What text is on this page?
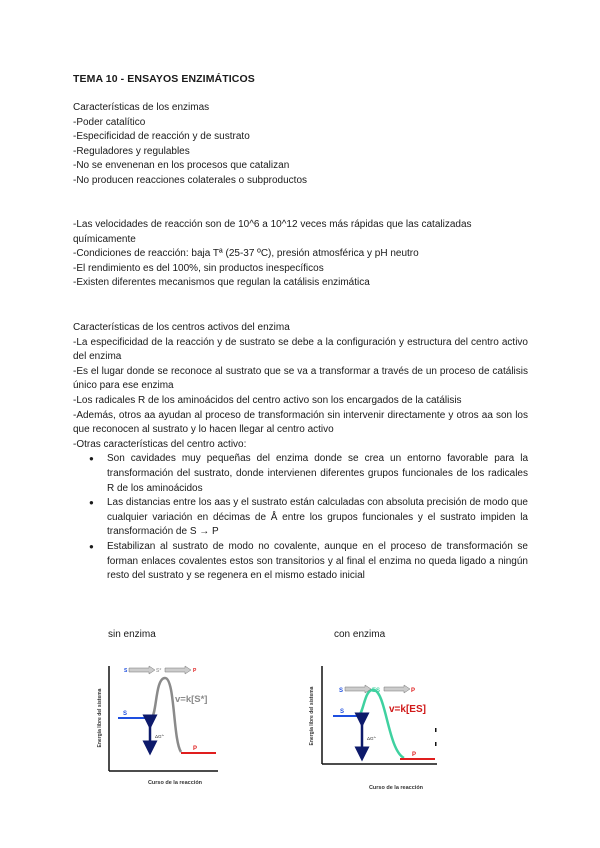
TEMA 10 - ENSAYOS ENZIMÁTICOS

Características de los enzimas

-Poder catalítico

-Especificidad de reacción y de sustrato

-Reguladores y regulables

-No se envenenan en los procesos que catalizan

-No producen reacciones colaterales o subproductos

-Las velocidades de reacción son de 10^6 a 10^12 veces más rápidas que las catalizadas químicamente

-Condiciones de reacción: baja Tª (25-37 ºC), presión atmosférica y pH neutro

-El rendimiento es del 100%, sin productos inespecíficos

-Existen diferentes mecanismos que regulan la catálisis enzimática

Características de los centros activos del enzima

-La especificidad de la reacción y de sustrato se debe a la configuración y estructura del centro activo del enzima

-Es el lugar donde se reconoce al sustrato que se va a transformar a través de un proceso de catálisis único para ese enzima

-Los radicales R de los aminoácidos del centro activo son los encargados de la catálisis

-Además, otros aa ayudan al proceso de transformación sin intervenir directamente y otros aa son los que reconocen al sustrato y lo hacen llegar al centro activo

-Otras características del centro activo:

● Son cavidades muy pequeñas del enzima donde se crea un entorno favorable para la transformación del sustrato, donde intervienen diferentes grupos funcionales de los radicales R de los aminoácidos
● Las distancias entre los aas y el sustrato están calculadas con absoluta precisión de modo que cualquier variación en décimas de Å entre los grupos funcionales y el sustrato impiden la transformación de S → P
● Estabilizan al sustrato de modo no covalente, aunque en el proceso de transformación se forman enlaces covalentes estos son transitorios y al final el enzima no queda ligado a ningún resto del sustrato y se regenera en el mismo estado inicial
sin enzima	con enzima
Energía libre del sistema
Curso de la reacción
S
P
ΔG°'
S	S*	P
v=k[S*]	Energía libre del sistema
Curso de la reacción
S
P
ΔG°'
S	ES	P
v=k[ES]
